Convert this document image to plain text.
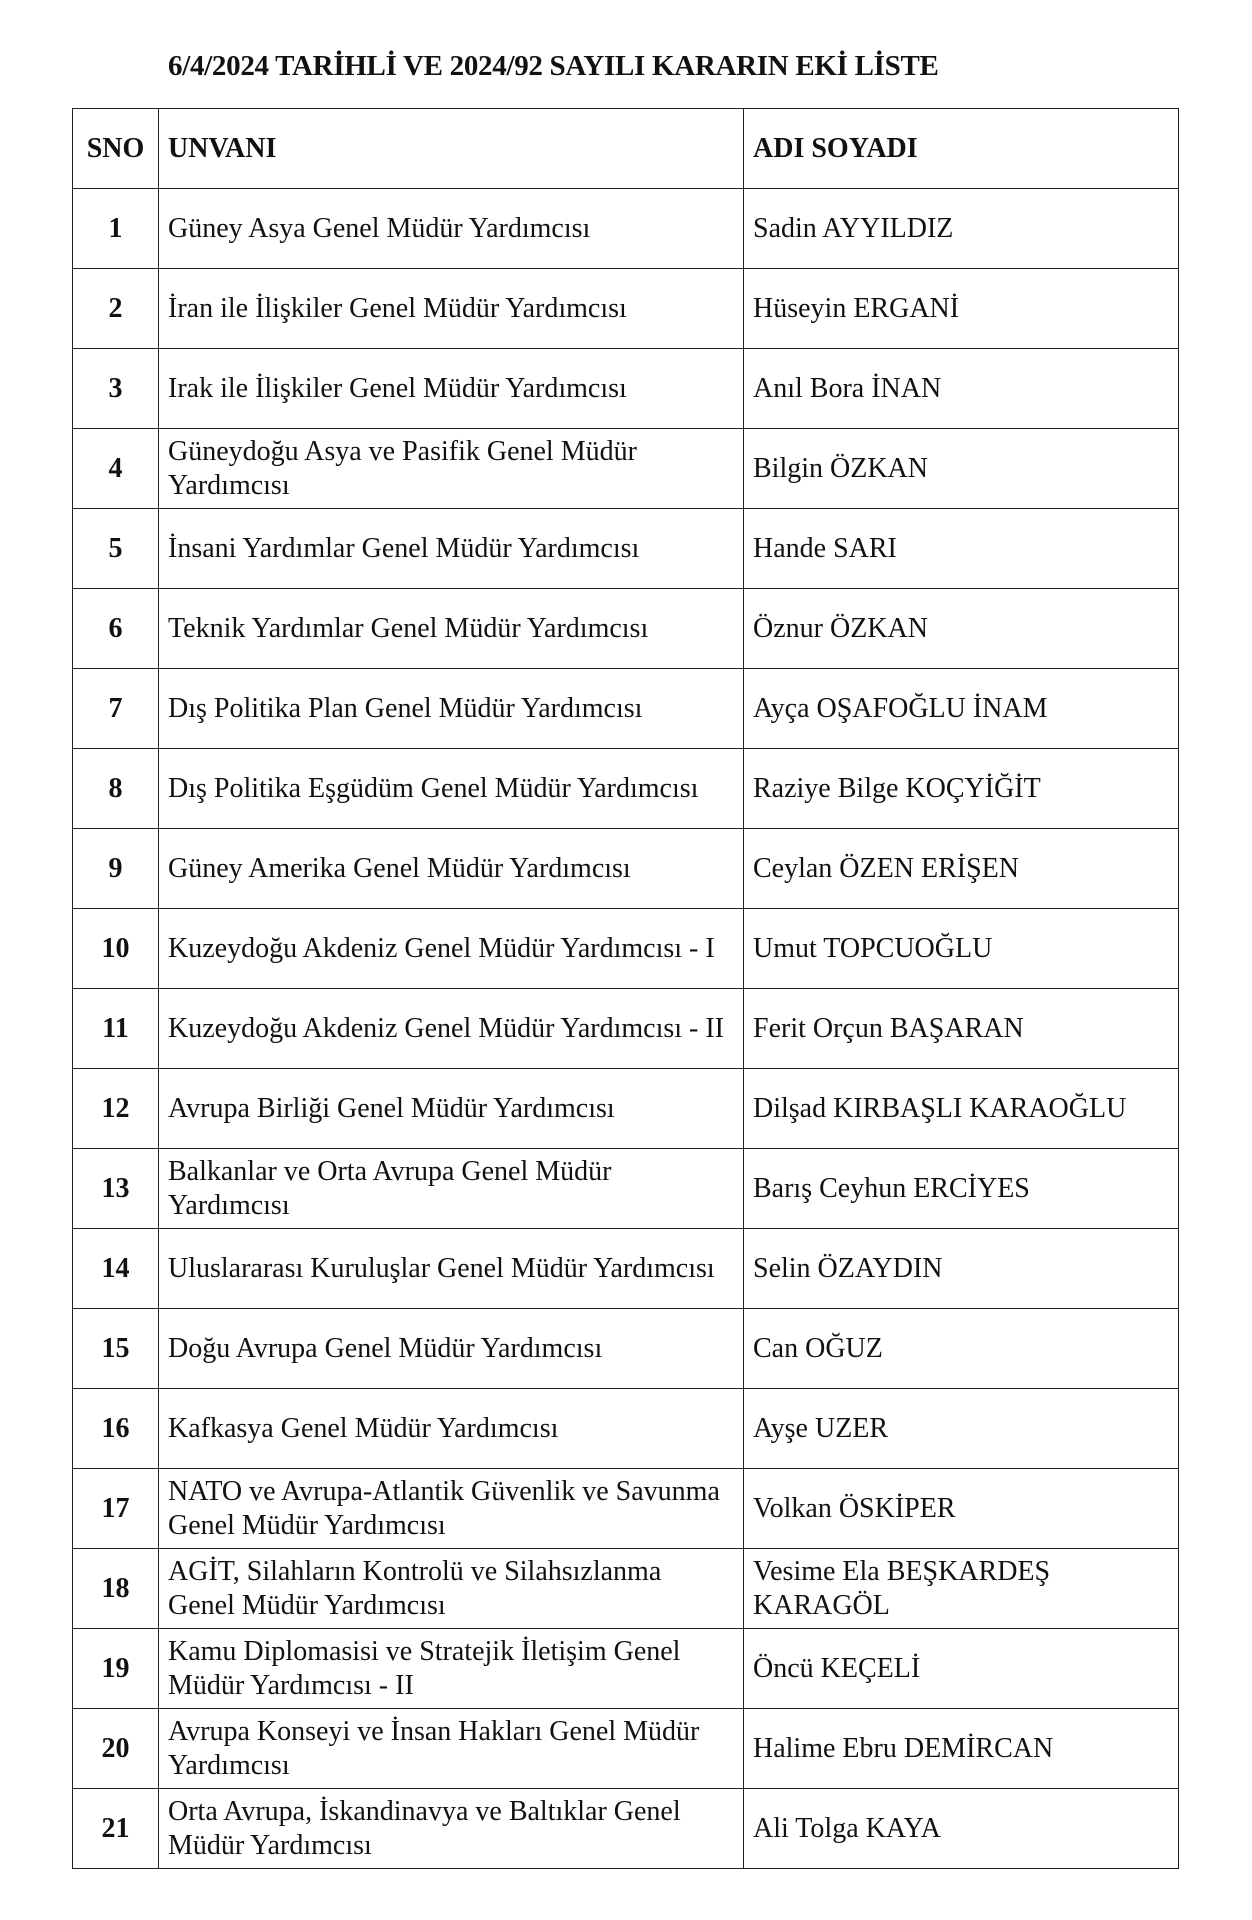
6/4/2024 TARİHLİ VE 2024/92 SAYILI KARARIN EKİ LİSTE
SNO	UNVANI	ADI SOYADI
1	Güney Asya Genel Müdür Yardımcısı	Sadin AYYILDIZ
2	İran ile İlişkiler Genel Müdür Yardımcısı	Hüseyin ERGANİ
3	Irak ile İlişkiler Genel Müdür Yardımcısı	Anıl Bora İNAN
4	Güneydoğu Asya ve Pasifik Genel Müdür Yardımcısı	Bilgin ÖZKAN
5	İnsani Yardımlar Genel Müdür Yardımcısı	Hande SARI
6	Teknik Yardımlar Genel Müdür Yardımcısı	Öznur ÖZKAN
7	Dış Politika Plan Genel Müdür Yardımcısı	Ayça OŞAFOĞLU İNAM
8	Dış Politika Eşgüdüm Genel Müdür Yardımcısı	Raziye Bilge KOÇYİĞİT
9	Güney Amerika Genel Müdür Yardımcısı	Ceylan ÖZEN ERİŞEN
10	Kuzeydoğu Akdeniz Genel Müdür Yardımcısı - I	Umut TOPCUOĞLU
11	Kuzeydoğu Akdeniz Genel Müdür Yardımcısı - II	Ferit Orçun BAŞARAN
12	Avrupa Birliği Genel Müdür Yardımcısı	Dilşad KIRBAŞLI KARAOĞLU
13	Balkanlar ve Orta Avrupa Genel Müdür Yardımcısı	Barış Ceyhun ERCİYES
14	Uluslararası Kuruluşlar Genel Müdür Yardımcısı	Selin ÖZAYDIN
15	Doğu Avrupa Genel Müdür Yardımcısı	Can OĞUZ
16	Kafkasya Genel Müdür Yardımcısı	Ayşe UZER
17	NATO ve Avrupa-Atlantik Güvenlik ve Savunma Genel Müdür Yardımcısı	Volkan ÖSKİPER
18	AGİT, Silahların Kontrolü ve Silahsızlanma Genel Müdür Yardımcısı	Vesime Ela BEŞKARDEŞ KARAGÖL
19	Kamu Diplomasisi ve Stratejik İletişim Genel Müdür Yardımcısı - II	Öncü KEÇELİ
20	Avrupa Konseyi ve İnsan Hakları Genel Müdür Yardımcısı	Halime Ebru DEMİRCAN
21	Orta Avrupa, İskandinavya ve Baltıklar Genel Müdür Yardımcısı	Ali Tolga KAYA
